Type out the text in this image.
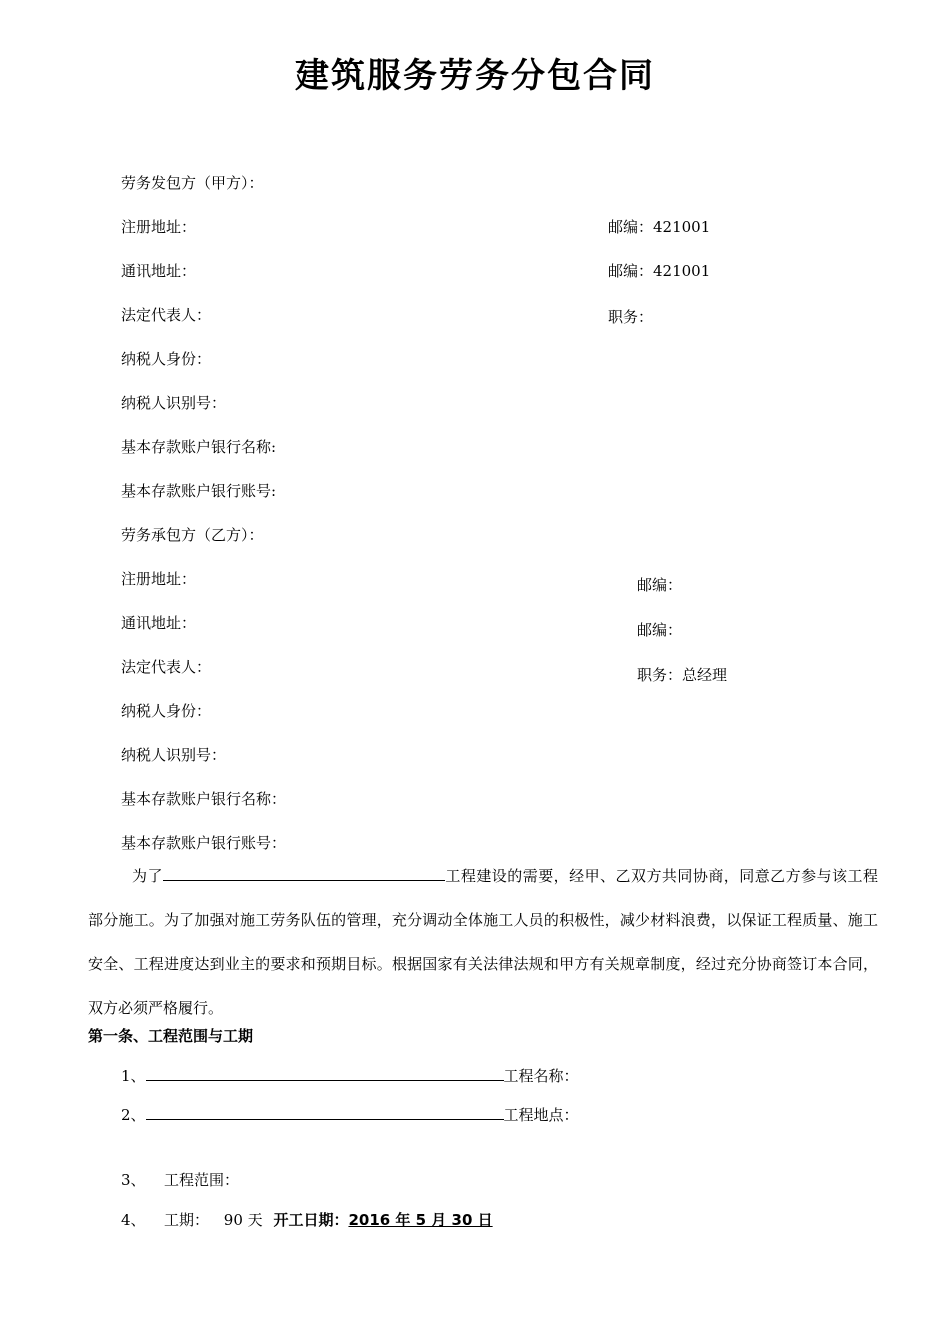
建筑服务劳务分包合同
劳务发包方（甲方）：
注册地址：	邮编：421001
通讯地址：	邮编：421001
法定代表人：	职务：
纳税人身份：
纳税人识别号：
基本存款账户银行名称:
基本存款账户银行账号:
劳务承包方（乙方）：
注册地址：	邮编：
通讯地址：	邮编：
法定代表人：	职务：总经理
纳税人身份：
纳税人识别号：
基本存款账户银行名称：
基本存款账户银行账号：
为了	工程建设的需要，经甲、乙双方共同协商，同意乙方参与该工程部分施工。为了加强对施工劳务队伍的管理，充分调动全体施工人员的积极性，减少材料浪费，以保证工程质量、施工安全、工程进度达到业主的要求和预期目标。根据国家有关法律法规和甲方有关规章制度，经过充分协商签订本合同，双方必须严格履行。
第一条、工程范围与工期
1、	工程名称：
2、	工程地点：
3、 工程范围：
4、 工期： 90 天 开工日期：2016 年 5 月 30 日
